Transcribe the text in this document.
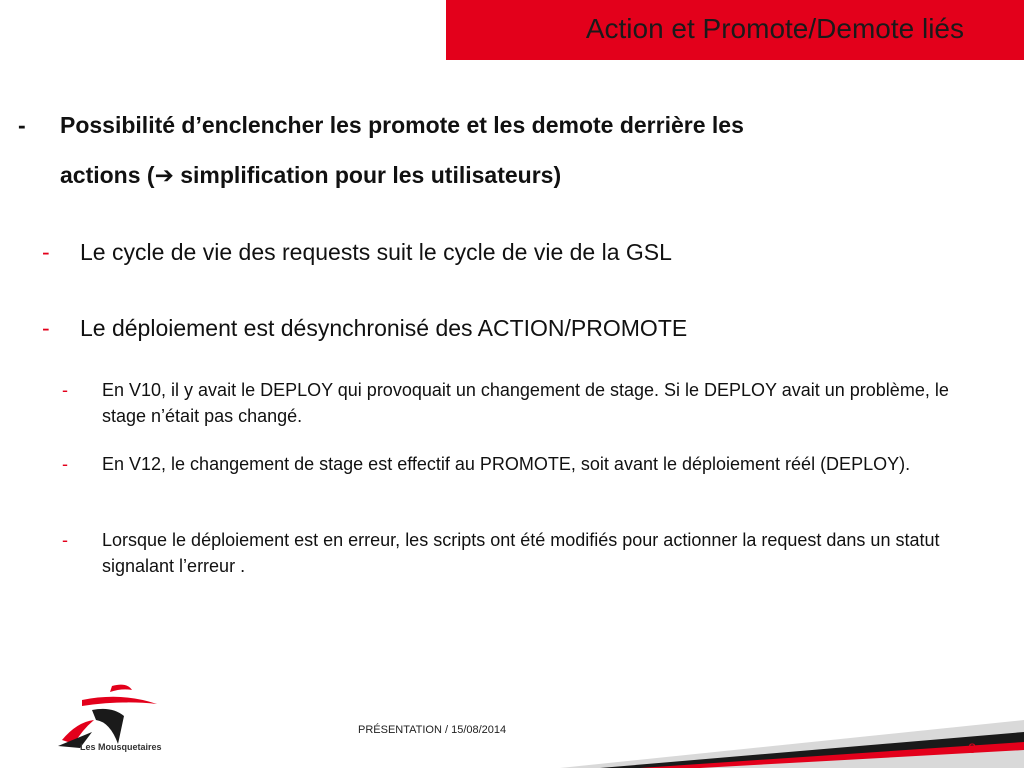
Action et Promote/Demote liés
- Possibilité d’enclencher les promote et les demote derrière les
actions (➔ simplification pour les utilisateurs)
- Le cycle de vie des requests suit le cycle de vie de la GSL
- Le déploiement est désynchronisé des ACTION/PROMOTE
- En V10, il y avait le DEPLOY qui provoquait un changement de stage. Si le DEPLOY avait un problème, le stage n’était pas changé.
- En V12, le changement de stage est effectif au PROMOTE, soit avant le déploiement réél (DEPLOY).
- Lorsque le déploiement est en erreur, les scripts ont été modifiés pour actionner la request dans un statut signalant l’erreur .
Les Mousquetaires
PRÉSENTATION / 15/08/2014
8
